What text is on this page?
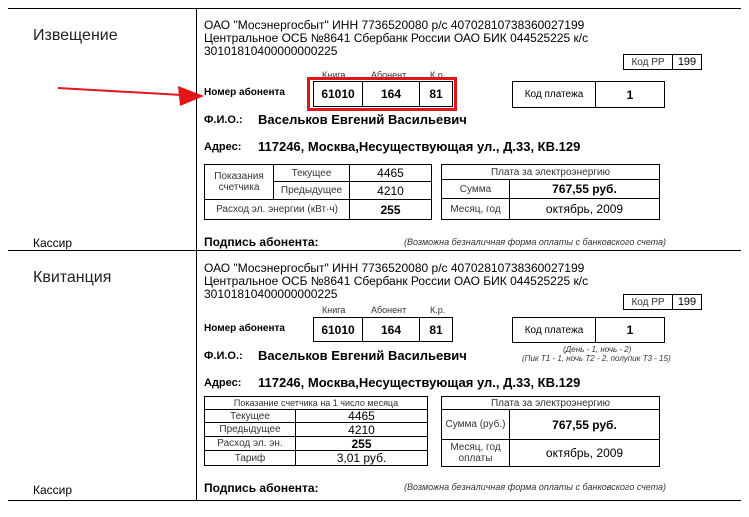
Извещение
Кассир
ОАО "Мосэнергосбыт" ИНН 7736520080 р/с 40702810738360027199
Центральное ОСБ №8641 Сбербанк России ОАО БИК 044525225 к/с
30101810400000000225
Код РР	199
Книга	Абонент	К.р.
Номер абонента	61010	164	81	Код платежа	1
Ф.И.О.: Васельков Евгений Васильевич
Адрес: 117246, Москва,Несуществующая ул., Д.33, КВ.129
Показания счетчика
Текущее	4465
Предыдущее	4210
Расход эл. энергии (кВт·ч)	255
Плата за электроэнергию
Сумма	767,55 руб.
Месяц, год	октябрь, 2009
Подпись абонента:	(Возможна безналичная форма оплаты с банковского счета)
Квитанция
Кассир
ОАО "Мосэнергосбыт" ИНН 7736520080 р/с 40702810738360027199
Центральное ОСБ №8641 Сбербанк России ОАО БИК 044525225 к/с
30101810400000000225
Код РР	199
Книга	Абонент	К.р.
Номер абонента	61010	164	81	Код платежа	1
(День - 1, ночь - 2)
(Пик Т1 - 1, ночь Т2 - 2, полупик Т3 - 15)
Ф.И.О.: Васельков Евгений Васильевич
Адрес: 117246, Москва,Несуществующая ул., Д.33, КВ.129
Показание счетчика на 1 число месяца
Текущее	4465
Предыдущее	4210
Расход эл. эн.	255
Тариф	3,01 руб.
Плата за электроэнергию
Сумма (руб.)	767,55 руб.
Месяц, год оплаты	октябрь, 2009
Подпись абонента:	(Возможна безналичная форма оплаты с банковского счета)
